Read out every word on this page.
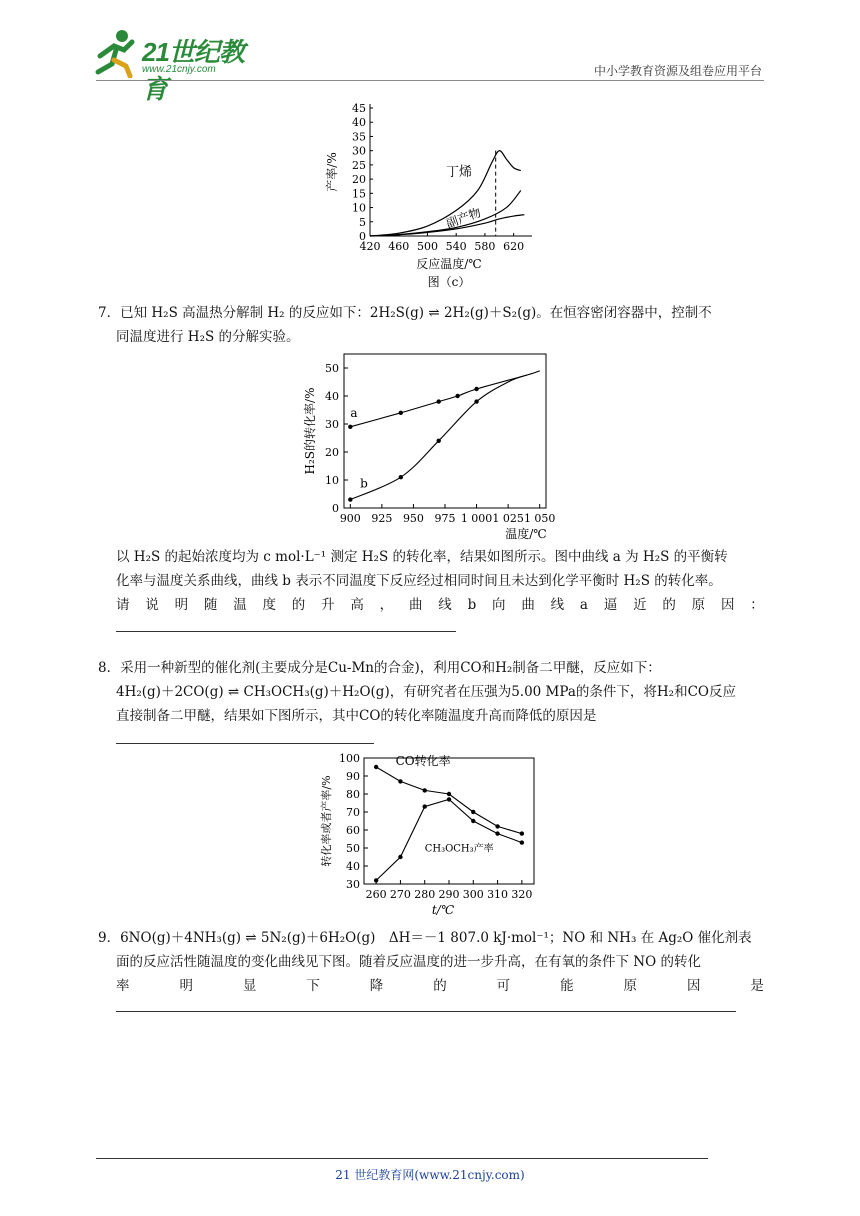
21世纪教育
www.21cnjy.com	中小学教育资源及组卷应用平台
0
5
10
15
20
25
30
35
40
45
420 460 500 540 580 620
产率/%
反应温度/℃
图（c）
丁烯
副产物
7．已知 H₂S 高温热分解制 H₂ 的反应如下：2H₂S(g) ⇌ 2H₂(g)＋S₂(g)。在恒容密闭容器中，控制不
同温度进行 H₂S 的分解实验。
0
10
20
30
40
50
900 925 950 975 1 000 1 025 1 050
H₂S的转化率/%
温度/℃
a
b
以 H₂S 的起始浓度均为 c mol·L⁻¹ 测定 H₂S 的转化率，结果如图所示。图中曲线 a 为 H₂S 的平衡转
化率与温度关系曲线，曲线 b 表示不同温度下反应经过相同时间且未达到化学平衡时 H₂S 的转化率。
请 说 明 随 温 度 的 升 高 ， 曲 线 b 向 曲 线 a 逼 近 的 原 因 ：
8．采用一种新型的催化剂(主要成分是Cu-Mn的合金)，利用CO和H₂制备二甲醚，反应如下：
4H₂(g)＋2CO(g) ⇌ CH₃OCH₃(g)＋H₂O(g)，有研究者在压强为5.00 MPa的条件下，将H₂和CO反应
直接制备二甲醚，结果如下图所示，其中CO的转化率随温度升高而降低的原因是
30
40
50
60
70
80
90
100
260 270 280 290 300 310 320
转化率或者产率/%
t/℃
CO转化率
CH₃OCH₃产率
9．6NO(g)＋4NH₃(g) ⇌ 5N₂(g)＋6H₂O(g)　ΔH＝－1 807.0 kJ·mol⁻¹；NO 和 NH₃ 在 Ag₂O 催化剂表
面的反应活性随温度的变化曲线见下图。随着反应温度的进一步升高，在有氧的条件下 NO 的转化
率	明	显	下	降	的	可	能	原	因	是
21 世纪教育网(www.21cnjy.com)
